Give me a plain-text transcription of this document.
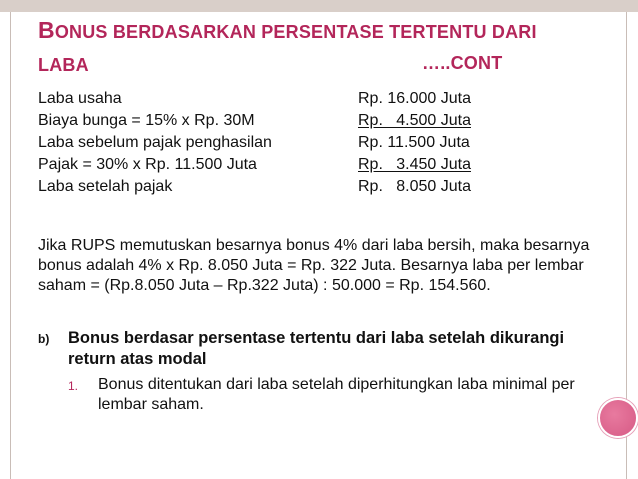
BONUS BERDASARKAN PERSENTASE TERTENTU DARI
LABA	…..CONT
Laba usaha	Rp. 16.000 Juta
Biaya bunga = 15% x Rp. 30M	Rp.   4.500 Juta
Laba sebelum pajak penghasilan	Rp. 11.500 Juta
Pajak = 30% x Rp. 11.500 Juta	Rp.   3.450 Juta
Laba setelah pajak	Rp.   8.050 Juta

Jika RUPS memutuskan besarnya bonus 4% dari laba bersih, maka besarnya bonus adalah 4% x Rp. 8.050 Juta = Rp. 322 Juta. Besarnya laba per lembar saham = (Rp.8.050 Juta – Rp.322 Juta) : 50.000 = Rp. 154.560.

b) Bonus berdasar persentase tertentu dari laba setelah dikurangi return atas modal

1. Bonus ditentukan dari laba setelah diperhitungkan laba minimal per lembar saham.
